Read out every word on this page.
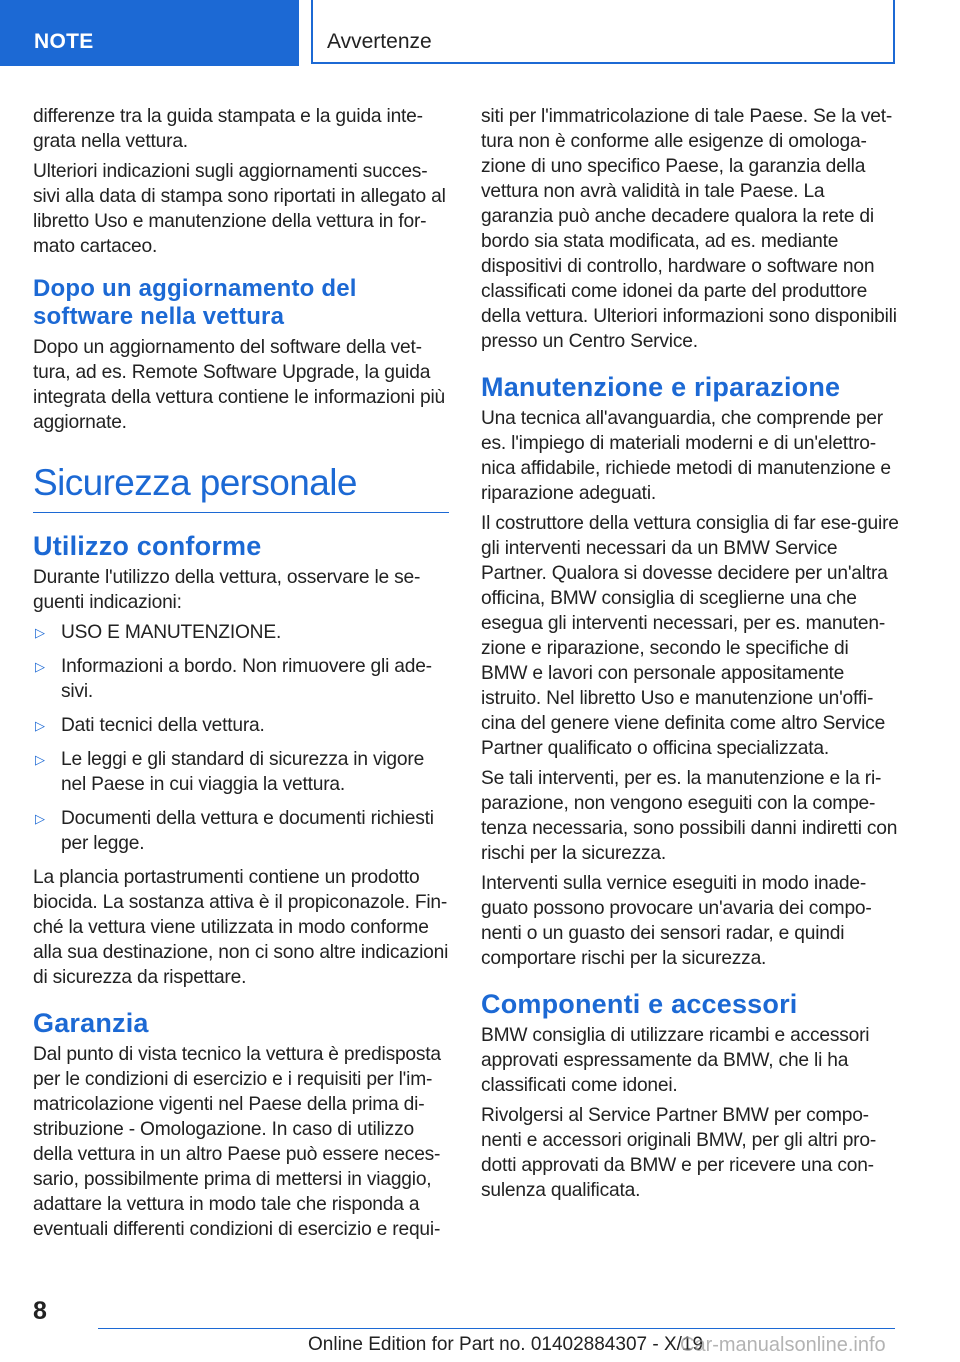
NOTE	Avvertenze

differenze tra la guida stampata e la guida inte-grata nella vettura.

Ulteriori indicazioni sugli aggiornamenti succes-sivi alla data di stampa sono riportati in allegato al libretto Uso e manutenzione della vettura in for-mato cartaceo.

Dopo un aggiornamento del software nella vettura

Dopo un aggiornamento del software della vet-tura, ad es. Remote Software Upgrade, la guida integrata della vettura contiene le informazioni più aggiornate.

Sicurezza personale
Utilizzo conforme

Durante l'utilizzo della vettura, osservare le se-guenti indicazioni:

▷ USO E MANUTENZIONE.
▷ Informazioni a bordo. Non rimuovere gli ade-sivi.
▷ Dati tecnici della vettura.
▷ Le leggi e gli standard di sicurezza in vigore nel Paese in cui viaggia la vettura.
▷ Documenti della vettura e documenti richiesti per legge.

La plancia portastrumenti contiene un prodotto biocida. La sostanza attiva è il propiconazole. Fin-ché la vettura viene utilizzata in modo conforme alla sua destinazione, non ci sono altre indicazioni di sicurezza da rispettare.

Garanzia

Dal punto di vista tecnico la vettura è predisposta per le condizioni di esercizio e i requisiti per l'im-matricolazione vigenti nel Paese della prima di-stribuzione - Omologazione. In caso di utilizzo della vettura in un altro Paese può essere neces-sario, possibilmente prima di mettersi in viaggio, adattare la vettura in modo tale che risponda a eventuali differenti condizioni di esercizio e requi-

siti per l'immatricolazione di tale Paese. Se la vet-tura non è conforme alle esigenze di omologa-zione di uno specifico Paese, la garanzia della vettura non avrà validità in tale Paese. La garanzia può anche decadere qualora la rete di bordo sia stata modificata, ad es. mediante dispositivi di controllo, hardware o software non classificati come idonei da parte del produttore della vettura. Ulteriori informazioni sono disponibili presso un Centro Service.

Manutenzione e riparazione

Una tecnica all'avanguardia, che comprende per es. l'impiego di materiali moderni e di un'elettro-nica affidabile, richiede metodi di manutenzione e riparazione adeguati.

Il costruttore della vettura consiglia di far ese-guire gli interventi necessari da un BMW Service Partner. Qualora si dovesse decidere per un'altra officina, BMW consiglia di sceglierne una che esegua gli interventi necessari, per es. manuten-zione e riparazione, secondo le specifiche di BMW e lavori con personale appositamente istruito. Nel libretto Uso e manutenzione un'offi-cina del genere viene definita come altro Service Partner qualificato o officina specializzata.

Se tali interventi, per es. la manutenzione e la ri-parazione, non vengono eseguiti con la compe-tenza necessaria, sono possibili danni indiretti con rischi per la sicurezza.

Interventi sulla vernice eseguiti in modo inade-guato possono provocare un'avaria dei compo-nenti o un guasto dei sensori radar, e quindi comportare rischi per la sicurezza.

Componenti e accessori

BMW consiglia di utilizzare ricambi e accessori approvati espressamente da BMW, che li ha classificati come idonei.

Rivolgersi al Service Partner BMW per compo-nenti e accessori originali BMW, per gli altri pro-dotti approvati da BMW e per ricevere una con-sulenza qualificata.

8
Online Edition for Part no. 01402884307 - X/19
Car-manualsonline.info
